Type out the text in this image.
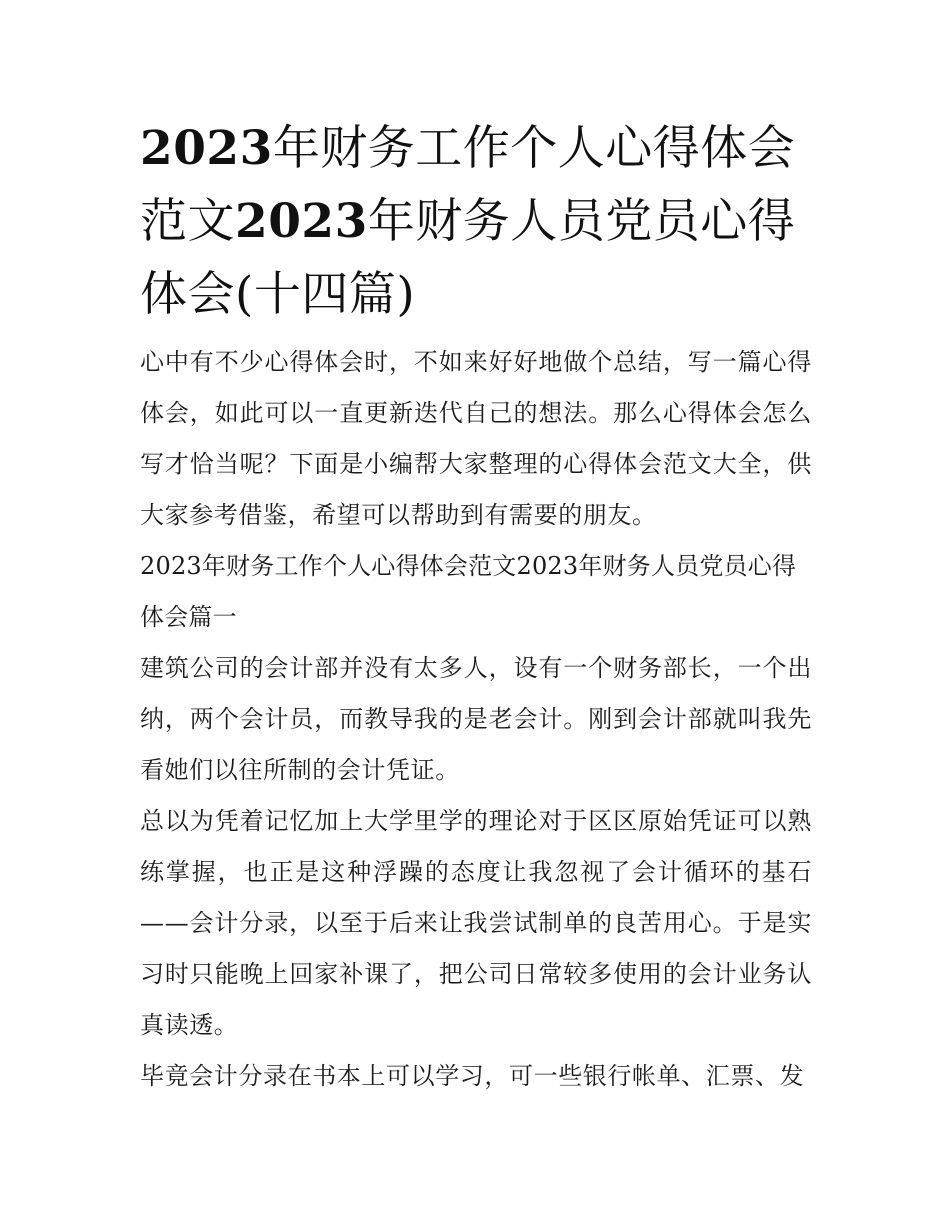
2023年财务工作个人心得体会范文2023年财务人员党员心得体会(十四篇)

心中有不少心得体会时，不如来好好地做个总结，写一篇心得体会，如此可以一直更新迭代自己的想法。那么心得体会怎么写才恰当呢？下面是小编帮大家整理的心得体会范文大全，供大家参考借鉴，希望可以帮助到有需要的朋友。

2023年财务工作个人心得体会范文2023年财务人员党员心得体会篇一

建筑公司的会计部并没有太多人，设有一个财务部长，一个出纳，两个会计员，而教导我的是老会计。刚到会计部就叫我先看她们以往所制的会计凭证。

总以为凭着记忆加上大学里学的理论对于区区原始凭证可以熟练掌握，也正是这种浮躁的态度让我忽视了会计循环的基石——会计分录，以至于后来让我尝试制单的良苦用心。于是实习时只能晚上回家补课了，把公司日常较多使用的会计业务认真读透。

毕竟会计分录在书本上可以学习，可一些银行帐单、汇票、发
